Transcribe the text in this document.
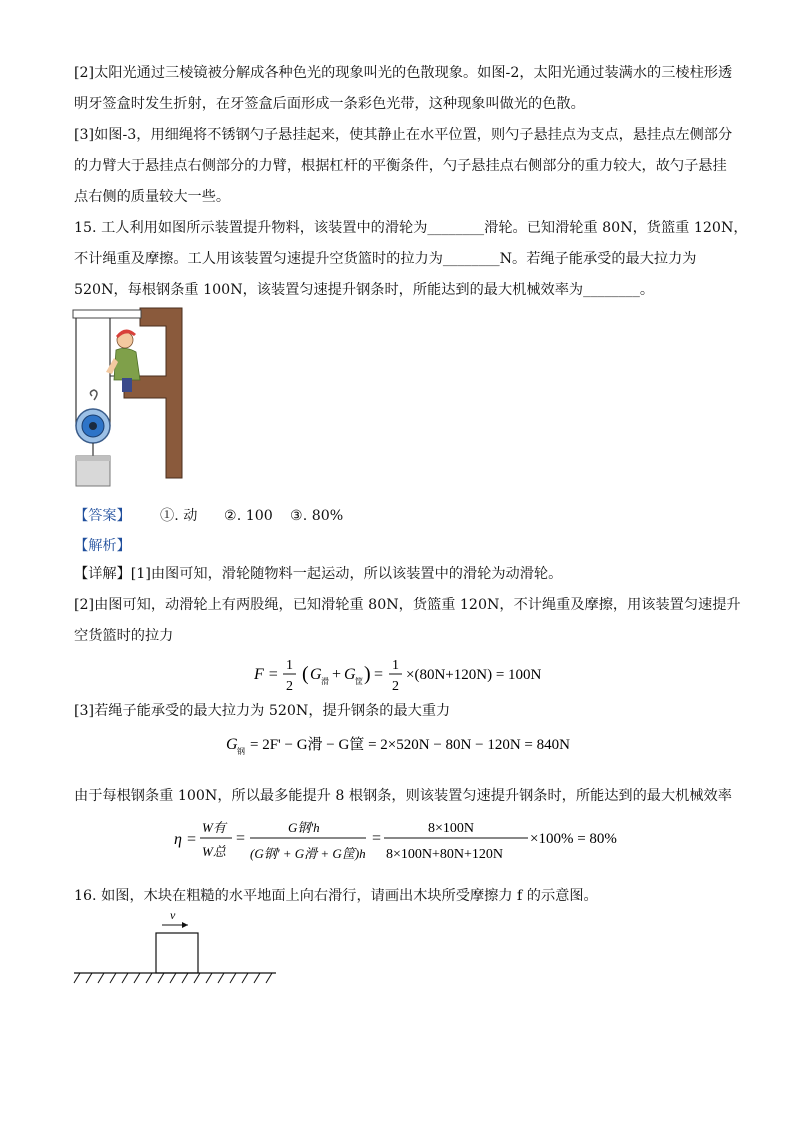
[2]太阳光通过三棱镜被分解成各种色光的现象叫光的色散现象。如图-2，太阳光通过装满水的三棱柱形透
明牙签盒时发生折射，在牙签盒后面形成一条彩色光带，这种现象叫做光的色散。
[3]如图-3，用细绳将不锈钢勺子悬挂起来，使其静止在水平位置，则勺子悬挂点为支点，悬挂点左侧部分
的力臂大于悬挂点右侧部分的力臂，根据杠杆的平衡条件，勺子悬挂点右侧部分的重力较大，故勺子悬挂
点右侧的质量较大一些。
15. 工人利用如图所示装置提升物料，该装置中的滑轮为________滑轮。已知滑轮重 80N，货篮重 120N，
不计绳重及摩擦。工人用该装置匀速提升空货篮时的拉力为________N。若绳子能承受的最大拉力为
520N，每根钢条重 100N，该装置匀速提升钢条时，所能达到的最大机械效率为________。
【答案】 ①. 动 ②. 100 ③. 80%
【解析】
【详解】[1]由图可知，滑轮随物料一起运动，所以该装置中的滑轮为动滑轮。
[2]由图可知，动滑轮上有两股绳，已知滑轮重 80N，货篮重 120N，不计绳重及摩擦，用该装置匀速提升
空货篮时的拉力
F =
1
2
( G 滑 + G 筐 ) =
1
2
×(80N+120N) = 100N
[3]若绳子能承受的最大拉力为 520N，提升钢条的最大重力
G 钢 = 2F' − G滑 − G筐 = 2×520N − 80N − 120N = 840N
由于每根钢条重 100N，所以最多能提升 8 根钢条，则该装置匀速提升钢条时，所能达到的最大机械效率
η =
W有
W总
=
G钢'h
(G钢' + G滑 + G筐)h
=
8×100N
8×100N+80N+120N
×100% = 80%
16. 如图，木块在粗糙的水平地面上向右滑行，请画出木块所受摩擦力 f 的示意图。
v
